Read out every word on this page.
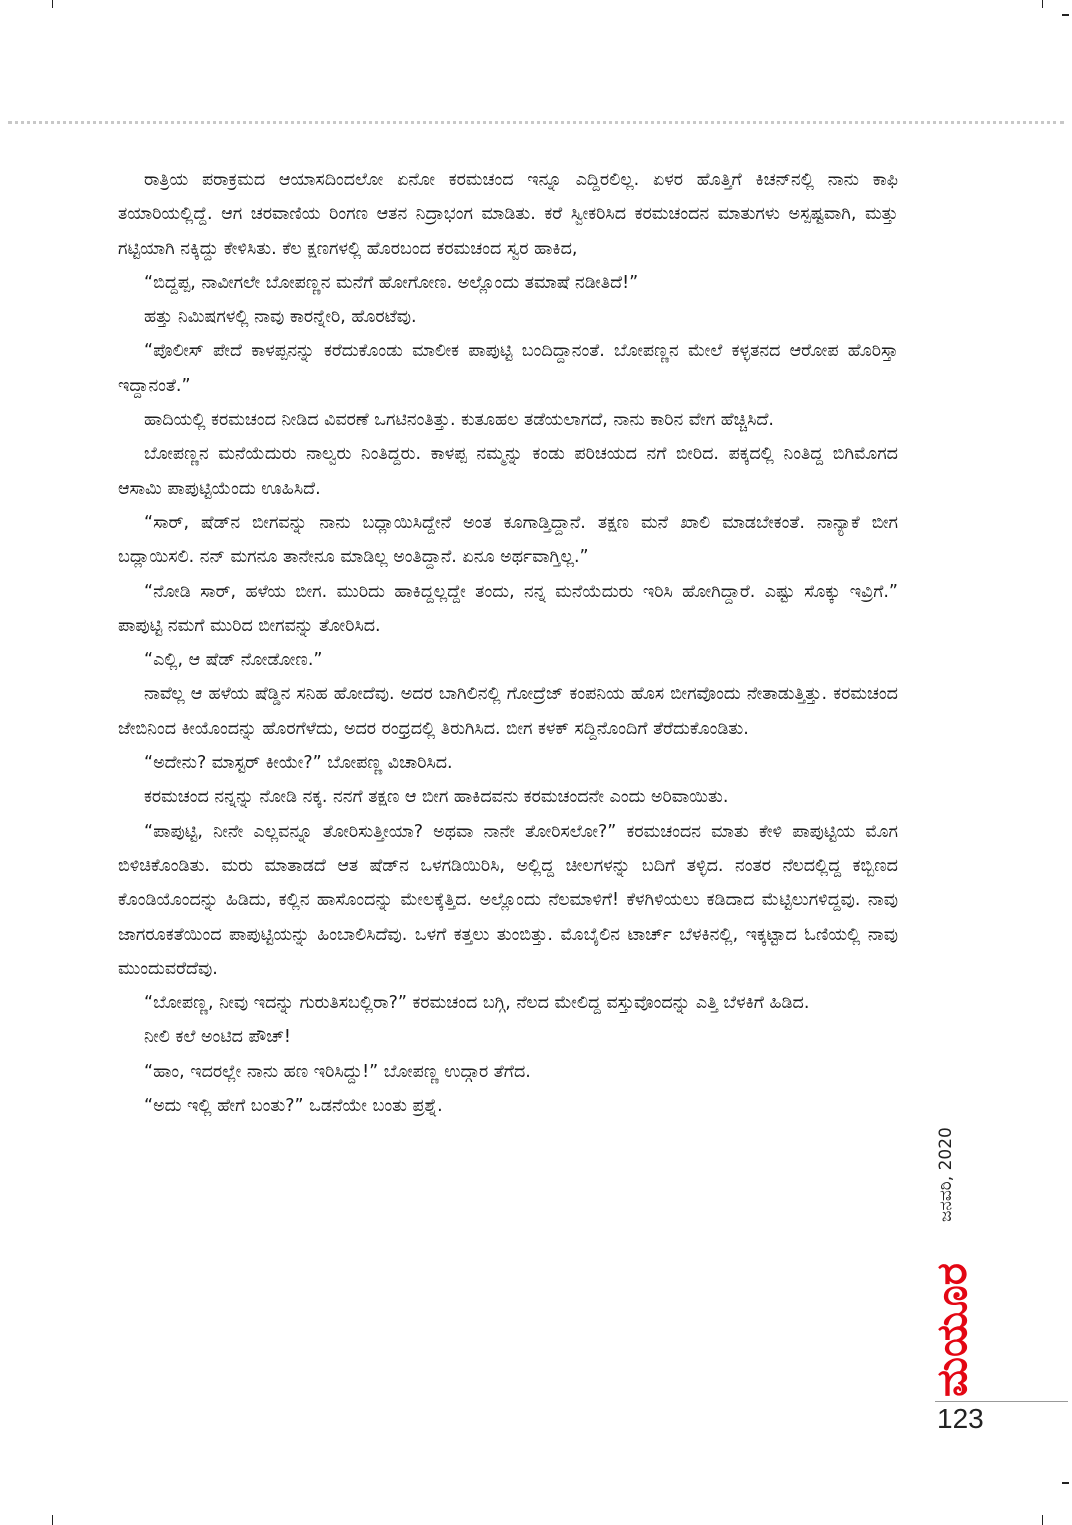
ರಾತ್ರಿಯ ಪರಾಕ್ರಮದ ಆಯಾಸದಿಂದಲೋ ಏನೋ ಕರಮಚಂದ ಇನ್ನೂ ಎದ್ದಿರಲಿಲ್ಲ. ಏಳರ ಹೊತ್ತಿಗೆ ಕಿಚನ್‌ನಲ್ಲಿ ನಾನು ಕಾಫಿ ತಯಾರಿಯಲ್ಲಿದ್ದೆ. ಆಗ ಚರವಾಣಿಯ ರಿಂಗಣ ಆತನ ನಿದ್ರಾಭಂಗ ಮಾಡಿತು. ಕರೆ ಸ್ವೀಕರಿಸಿದ ಕರಮಚಂದನ ಮಾತುಗಳು ಅಸ್ಪಷ್ಟವಾಗಿ, ಮತ್ತು ಗಟ್ಟಿಯಾಗಿ ನಕ್ಕಿದ್ದು ಕೇಳಿಸಿತು. ಕೆಲ ಕ್ಷಣಗಳಲ್ಲಿ ಹೊರಬಂದ ಕರಮಚಂದ ಸ್ವರ ಹಾಕಿದ,

“ಬಿದ್ದಪ್ಪ, ನಾವೀಗಲೇ ಬೋಪಣ್ಣನ ಮನೆಗೆ ಹೋಗೋಣ. ಅಲ್ಲೊಂದು ತಮಾಷೆ ನಡೀತಿದೆ!”

ಹತ್ತು ನಿಮಿಷಗಳಲ್ಲಿ ನಾವು ಕಾರನ್ನೇರಿ, ಹೊರಟೆವು.

“ಪೊಲೀಸ್ ಪೇದೆ ಕಾಳಪ್ಪನನ್ನು ಕರೆದುಕೊಂಡು ಮಾಲೀಕ ಪಾಪುಟ್ಟಿ ಬಂದಿದ್ದಾನಂತೆ. ಬೋಪಣ್ಣನ ಮೇಲೆ ಕಳ್ಳತನದ ಆರೋಪ ಹೊರಿಸ್ತಾ ಇದ್ದಾನಂತೆ.”

ಹಾದಿಯಲ್ಲಿ ಕರಮಚಂದ ನೀಡಿದ ವಿವರಣೆ ಒಗಟಿನಂತಿತ್ತು. ಕುತೂಹಲ ತಡೆಯಲಾಗದೆ, ನಾನು ಕಾರಿನ ವೇಗ ಹೆಚ್ಚಿಸಿದೆ.

ಬೋಪಣ್ಣನ ಮನೆಯೆದುರು ನಾಲ್ವರು ನಿಂತಿದ್ದರು. ಕಾಳಪ್ಪ ನಮ್ಮನ್ನು ಕಂಡು ಪರಿಚಯದ ನಗೆ ಬೀರಿದ. ಪಕ್ಕದಲ್ಲಿ ನಿಂತಿದ್ದ ಬಿಗಿಮೊಗದ ಆಸಾಮಿ ಪಾಪುಟ್ಟಿಯೆಂದು ಊಹಿಸಿದೆ.

“ಸಾರ್, ಷೆಡ್‌ನ ಬೀಗವನ್ನು ನಾನು ಬದ್ಲಾಯಿಸಿದ್ದೇನೆ ಅಂತ ಕೂಗಾಡ್ತಿದ್ದಾನೆ. ತಕ್ಷಣ ಮನೆ ಖಾಲಿ ಮಾಡಬೇಕಂತೆ. ನಾನ್ಯಾಕೆ ಬೀಗ ಬದ್ಲಾಯಿಸಲಿ. ನನ್ ಮಗನೂ ತಾನೇನೂ ಮಾಡಿಲ್ಲ ಅಂತಿದ್ದಾನೆ. ಏನೂ ಅರ್ಥವಾಗ್ತಿಲ್ಲ.”

“ನೋಡಿ ಸಾರ್, ಹಳೆಯ ಬೀಗ. ಮುರಿದು ಹಾಕಿದ್ದಲ್ಲದ್ದೇ ತಂದು, ನನ್ನ ಮನೆಯೆದುರು ಇರಿಸಿ ಹೋಗಿದ್ದಾರೆ. ಎಷ್ಟು ಸೊಕ್ಕು ಇವ್ರಿಗೆ.” ಪಾಪುಟ್ಟಿ ನಮಗೆ ಮುರಿದ ಬೀಗವನ್ನು ತೋರಿಸಿದ.

“ಎಲ್ಲಿ, ಆ ಷೆಡ್ ನೋಡೋಣ.”

ನಾವೆಲ್ಲ ಆ ಹಳೆಯ ಷೆಡ್ಡಿನ ಸನಿಹ ಹೋದೆವು. ಅದರ ಬಾಗಿಲಿನಲ್ಲಿ ಗೋದ್ರೆಜ್ ಕಂಪನಿಯ ಹೊಸ ಬೀಗವೊಂದು ನೇತಾಡುತ್ತಿತ್ತು. ಕರಮಚಂದ ಜೇಬಿನಿಂದ ಕೀಯೊಂದನ್ನು ಹೊರಗೆಳೆದು, ಅದರ ರಂಧ್ರದಲ್ಲಿ ತಿರುಗಿಸಿದ. ಬೀಗ ಕಳಕ್ ಸದ್ದಿನೊಂದಿಗೆ ತೆರೆದುಕೊಂಡಿತು.

“ಅದೇನು? ಮಾಸ್ಟರ್ ಕೀಯೇ?” ಬೋಪಣ್ಣ ವಿಚಾರಿಸಿದ.

ಕರಮಚಂದ ನನ್ನನ್ನು ನೋಡಿ ನಕ್ಕ. ನನಗೆ ತಕ್ಷಣ ಆ ಬೀಗ ಹಾಕಿದವನು ಕರಮಚಂದನೇ ಎಂದು ಅರಿವಾಯಿತು.

“ಪಾಪುಟ್ಟಿ, ನೀನೇ ಎಲ್ಲವನ್ನೂ ತೋರಿಸುತ್ತೀಯಾ? ಅಥವಾ ನಾನೇ ತೋರಿಸಲೋ?” ಕರಮಚಂದನ ಮಾತು ಕೇಳಿ ಪಾಪುಟ್ಟಿಯ ಮೊಗ ಬಿಳಿಚಿಕೊಂಡಿತು. ಮರು ಮಾತಾಡದೆ ಆತ ಷೆಡ್‌ನ ಒಳಗಡಿಯಿರಿಸಿ, ಅಲ್ಲಿದ್ದ ಚೀಲಗಳನ್ನು ಬದಿಗೆ ತಳ್ಳಿದ. ನಂತರ ನೆಲದಲ್ಲಿದ್ದ ಕಬ್ಬಿಣದ ಕೊಂಡಿಯೊಂದನ್ನು ಹಿಡಿದು, ಕಲ್ಲಿನ ಹಾಸೊಂದನ್ನು ಮೇಲಕ್ಕೆತ್ತಿದ. ಅಲ್ಲೊಂದು ನೆಲಮಾಳಿಗೆ! ಕೆಳಗಿಳಿಯಲು ಕಡಿದಾದ ಮೆಟ್ಟಿಲುಗಳಿದ್ದವು. ನಾವು ಜಾಗರೂಕತೆಯಿಂದ ಪಾಪುಟ್ಟಿಯನ್ನು ಹಿಂಬಾಲಿಸಿದೆವು. ಒಳಗೆ ಕತ್ತಲು ತುಂಬಿತ್ತು. ಮೊಬೈಲಿನ ಟಾರ್ಚ್ ಬೆಳಕಿನಲ್ಲಿ, ಇಕ್ಕಟ್ಟಾದ ಓಣಿಯಲ್ಲಿ ನಾವು ಮುಂದುವರೆದೆವು.

“ಬೋಪಣ್ಣ, ನೀವು ಇದನ್ನು ಗುರುತಿಸಬಲ್ಲಿರಾ?” ಕರಮಚಂದ ಬಗ್ಗಿ, ನೆಲದ ಮೇಲಿದ್ದ ವಸ್ತುವೊಂದನ್ನು ಎತ್ತಿ ಬೆಳಕಿಗೆ ಹಿಡಿದ.

ನೀಲಿ ಕಲೆ ಅಂಟಿದ ಪೌಚ್!

“ಹಾಂ, ಇದರಲ್ಲೇ ನಾನು ಹಣ ಇರಿಸಿದ್ದು!” ಬೋಪಣ್ಣ ಉದ್ಗಾರ ತೆಗೆದ.

“ಅದು ಇಲ್ಲಿ ಹೇಗೆ ಬಂತು?” ಒಡನೆಯೇ ಬಂತು ಪ್ರಶ್ನೆ.

ಜನವರಿ, 2020
ಮಯೂರ
123
